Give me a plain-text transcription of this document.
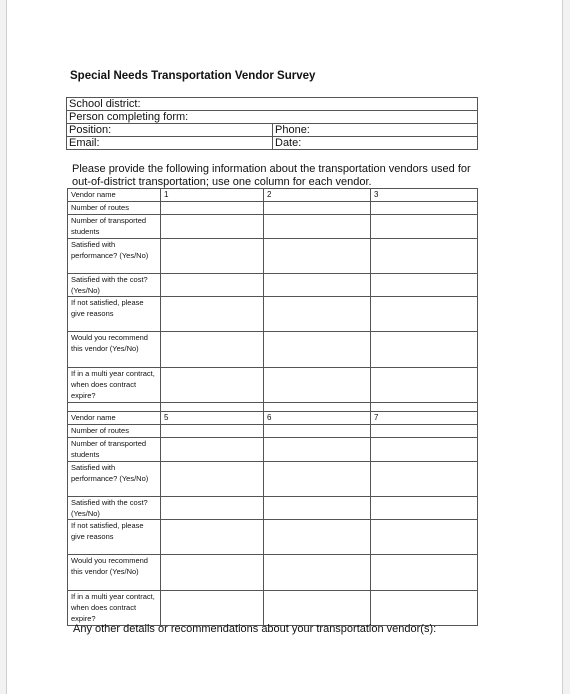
Special Needs Transportation Vendor Survey
School district:	
Person completing form:	
Position:	Phone:
Email:	Date:
Please provide the following information about the transportation vendors used for out-of-district transportation; use one column for each vendor.
Vendor name	1	2	3
Number of routes			
Number of transported students			
Satisfied with performance? (Yes/No)			
Satisfied with the cost? (Yes/No)			
If not satisfied, please give reasons			
Would you recommend this vendor (Yes/No)			
If in a multi year contract, when does contract expire?			

Vendor name	5	6	7
Number of routes			
Number of transported students			
Satisfied with performance? (Yes/No)			
Satisfied with the cost? (Yes/No)			
If not satisfied, please give reasons			
Would you recommend this vendor (Yes/No)			
If in a multi year contract, when does contract expire?			
Any other details or recommendations about your transportation vendor(s):
